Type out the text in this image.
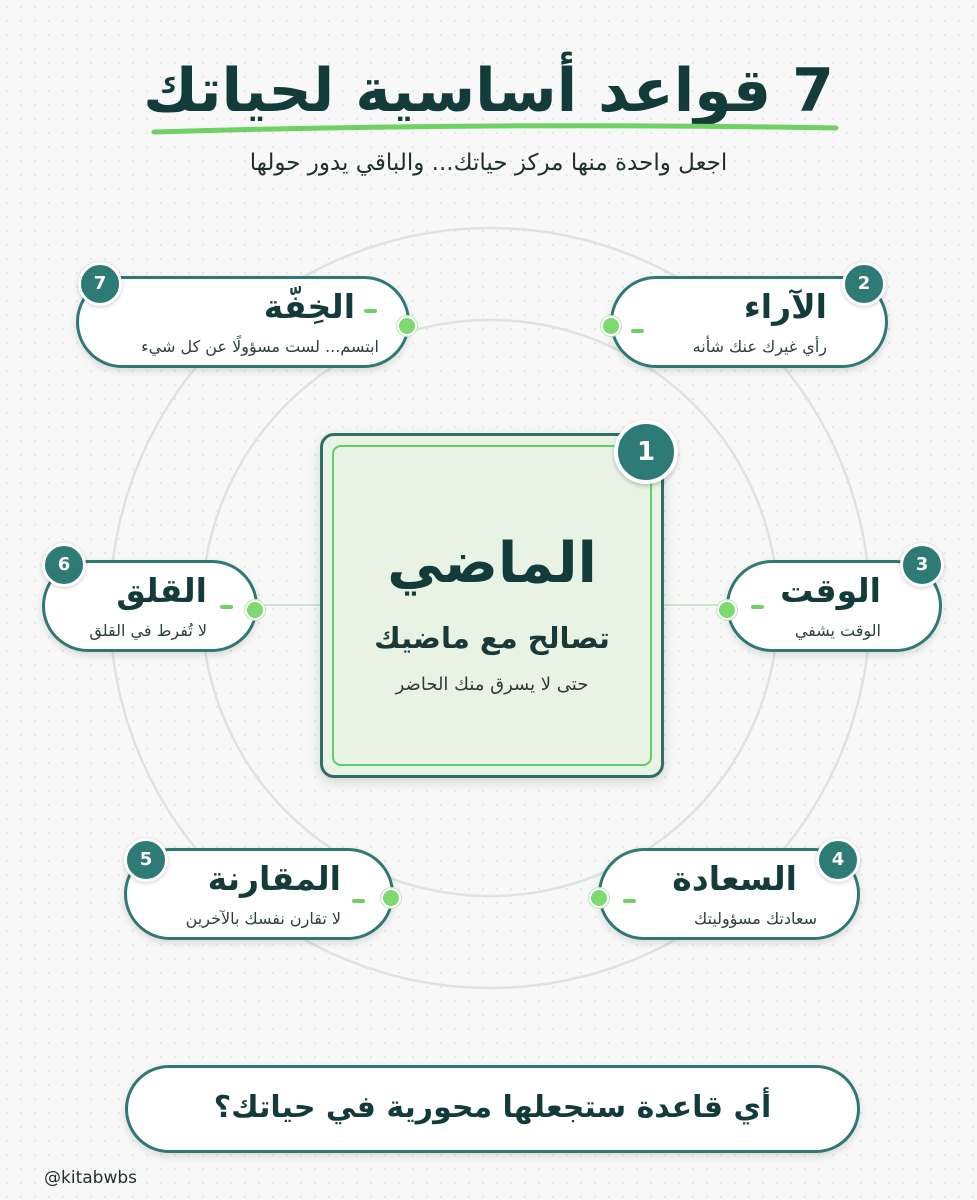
7 قواعد أساسية لحياتك
اجعل واحدة منها مركز حياتك... والباقي يدور حولها
الخِفّة
ابتسم... لست مسؤولًا عن كل شيء
7
الآراء
رأي غيرك عنك شأنه
2
القلق
لا تُفرط في القلق
6
الوقت
الوقت يشفي
3
المقارنة
لا تقارن نفسك بالآخرين
5	السعادة
سعادتك مسؤوليتك
4
الماضي
تصالح مع ماضيك
حتى لا يسرق منك الحاضر
1
أي قاعدة ستجعلها محورية في حياتك؟
@kitabwbs
